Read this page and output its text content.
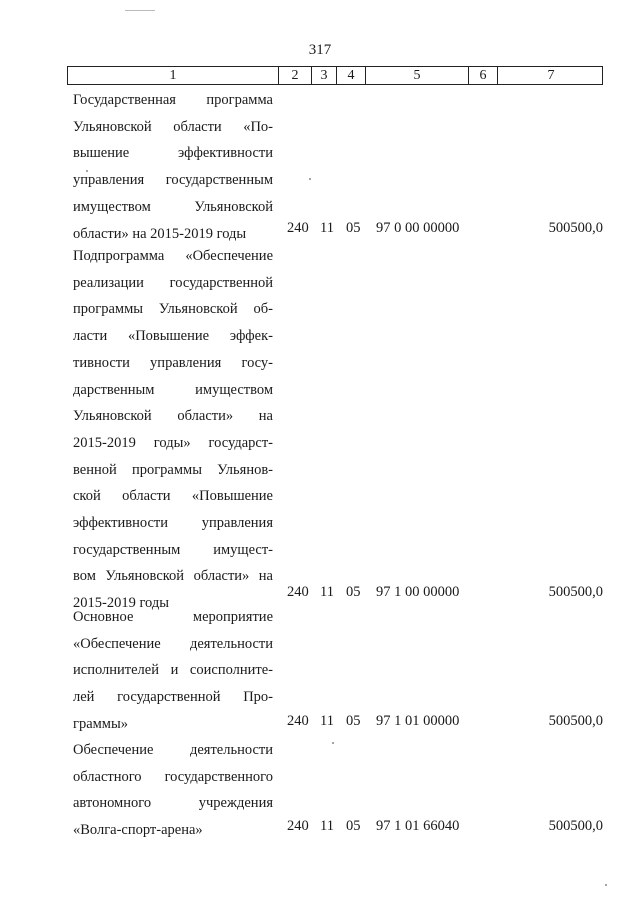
317
1	2	3	4	5	6	7
Государственная программа
Ульяновской области «По-
вышение эффективности
управления государственным
имуществом Ульяновской
области» на 2015-2019 годы	240 11 05 97 0 00 00000	500500,0
Подпрограмма «Обеспечение
реализации государственной
программы Ульяновской об-
ласти «Повышение эффек-
тивности управления госу-
дарственным имуществом
Ульяновской области» на
2015-2019 годы» государст-
венной программы Ульянов-
ской области «Повышение
эффективности управления
государственным имущест-
вом Ульяновской области» на
2015-2019 годы
240 11 05 97 1 00 00000	500500,0
Основное мероприятие
«Обеспечение деятельности
исполнителей и соисполните-
лей государственной Про-
граммы»	240 11 05 97 1 01 00000	500500,0
Обеспечение деятельности
областного государственного
автономного учреждения
«Волга-спорт-арена»	240 11 05 97 1 01 66040	500500,0
